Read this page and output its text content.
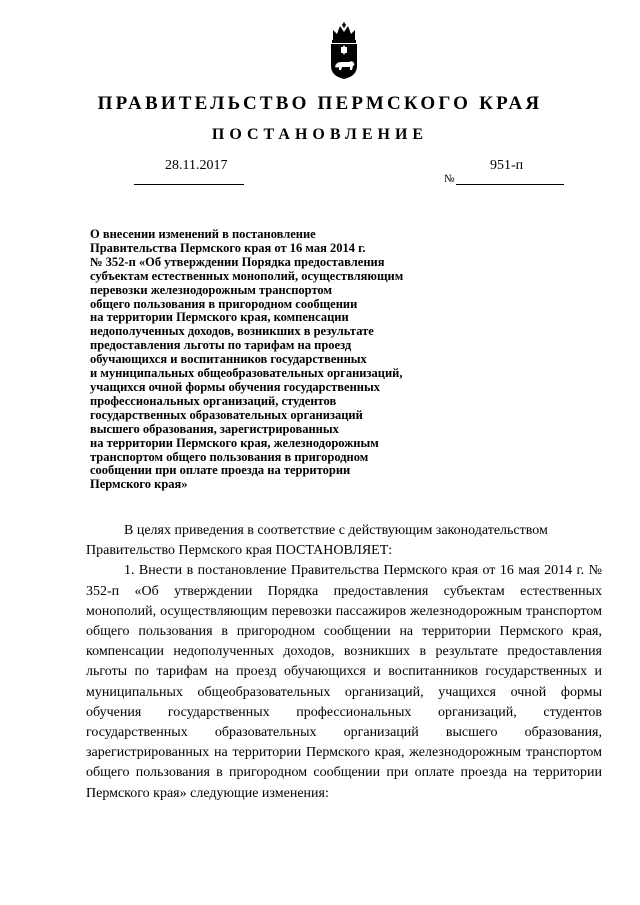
ПРАВИТЕЛЬСТВО ПЕРМСКОГО КРАЯ
ПОСТАНОВЛЕНИЕ
28.11.2017
№
951-п
О внесении изменений в постановление
Правительства Пермского края от 16 мая 2014 г.
№ 352-п «Об утверждении Порядка предоставления
субъектам естественных монополий, осуществляющим
перевозки железнодорожным транспортом
общего пользования в пригородном сообщении
на территории Пермского края, компенсации
недополученных доходов, возникших в результате
предоставления льготы по тарифам на проезд
обучающихся и воспитанников государственных
и муниципальных общеобразовательных организаций,
учащихся очной формы обучения государственных
профессиональных организаций, студентов
государственных образовательных организаций
высшего образования, зарегистрированных
на территории Пермского края, железнодорожным
транспортом общего пользования в пригородном
сообщении при оплате проезда на территории
Пермского края»

В целях приведения в соответствие с действующим законодательством Правительство Пермского края ПОСТАНОВЛЯЕТ:

1. Внести в постановление Правительства Пермского края от 16 мая 2014 г. № 352-п «Об утверждении Порядка предоставления субъектам естественных монополий, осуществляющим перевозки пассажиров железнодорожным транспортом общего пользования в пригородном сообщении на территории Пермского края, компенсации недополученных доходов, возникших в результате предоставления льготы по тарифам на проезд обучающихся и воспитанников государственных и муниципальных общеобразовательных организаций, учащихся очной формы обучения государственных профессиональных организаций, студентов государственных образовательных организаций высшего образования, зарегистрированных на территории Пермского края, железнодорожным транспортом общего пользования в пригородном сообщении при оплате проезда на территории Пермского края» следующие изменения:
